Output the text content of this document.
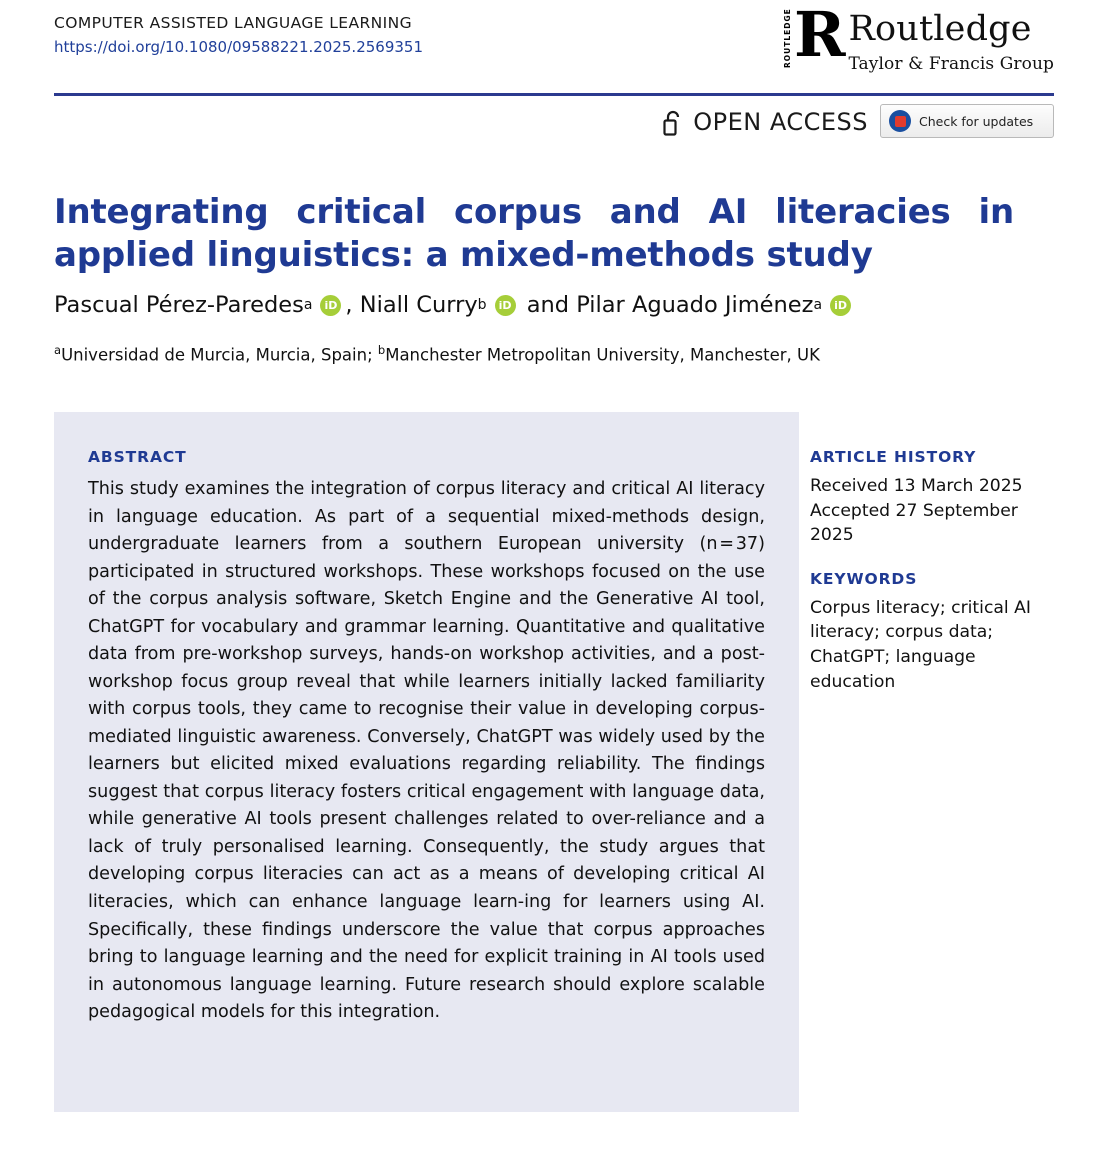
COMPUTER ASSISTED LANGUAGE LEARNING
https://doi.org/10.1080/09588221.2025.2569351	ROUTLEDGE R Routledge
Taylor & Francis Group
OPEN ACCESS	Check for updates
Integrating critical corpus and AI literacies in applied linguistics: a mixed-methods study
Pascual Pérez-Paredes a iD , Niall Curry b iD and Pilar Aguado Jiménez a
iD
$^a$Universidad de Murcia, Murcia, Spain; $^b$Manchester Metropolitan University, Manchester, UK
ABSTRACT
This study examines the integration of corpus literacy and critical AI literacy in language education. As part of a sequential mixed-methods design, undergraduate learners from a southern European university (n = 37) participated in structured workshops. These workshops focused on the use of the corpus analysis software, Sketch Engine and the Generative AI tool, ChatGPT for vocabulary and grammar learning. Quantitative and qualitative data from pre-workshop surveys, hands-on workshop activities, and a post-workshop focus group reveal that while learners initially lacked familiarity with corpus tools, they came to recognise their value in developing corpus-mediated linguistic awareness. Conversely, ChatGPT was widely used by the learners but elicited mixed evaluations regarding reliability. The findings suggest that corpus literacy fosters critical engagement with language data, while generative AI tools present challenges related to over-reliance and a lack of truly personalised learning. Consequently, the study argues that developing corpus literacies can act as a means of developing critical AI literacies, which can enhance language learn-ing for learners using AI. Specifically, these findings underscore the value that corpus approaches bring to language learning and the need for explicit training in AI tools used in autonomous language learning. Future research should explore scalable pedagogical models for this integration.
ARTICLE HISTORY
Received 13 March 2025
Accepted 27 September 2025
KEYWORDS
Corpus literacy; critical AI literacy; corpus data; ChatGPT; language education
